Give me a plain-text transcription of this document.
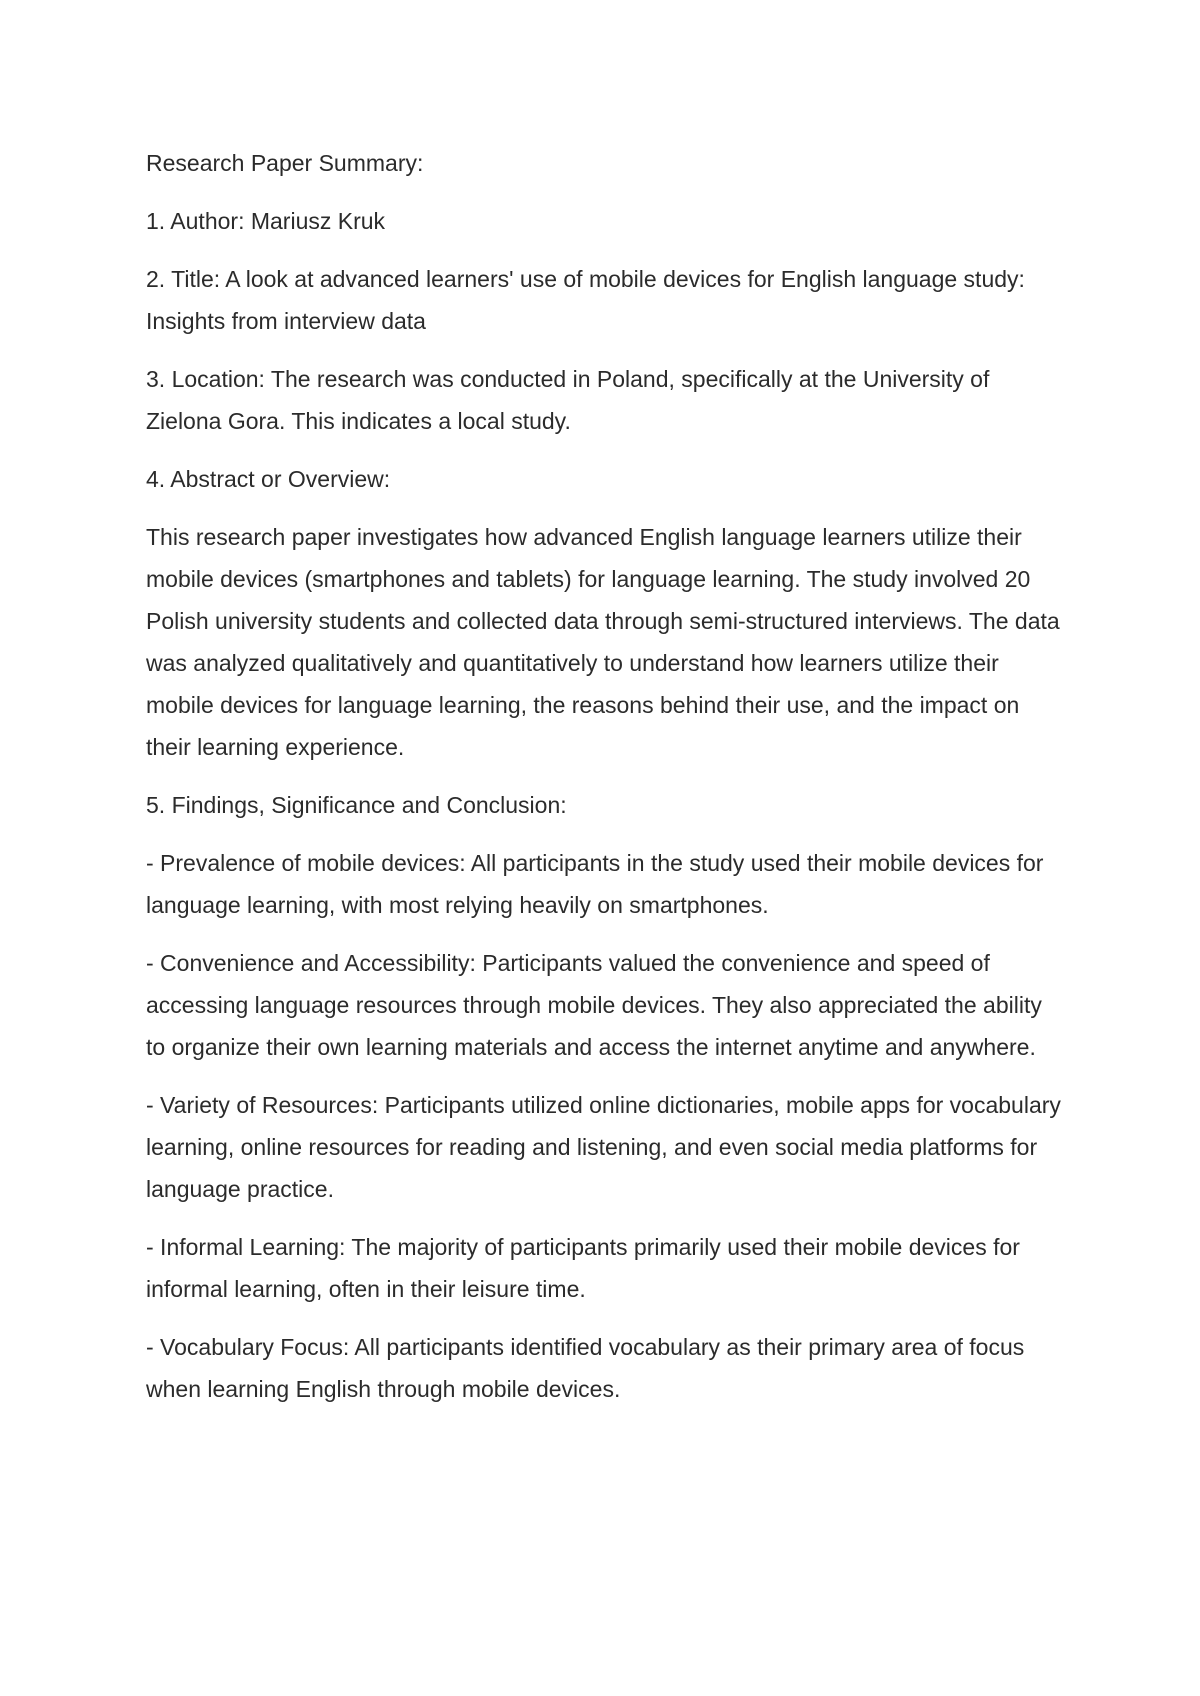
Research Paper Summary:

1. Author: Mariusz Kruk

2. Title: A look at advanced learners' use of mobile devices for English language study: Insights from interview data

3. Location: The research was conducted in Poland, specifically at the University of Zielona Gora. This indicates a local study.

4. Abstract or Overview:

This research paper investigates how advanced English language learners utilize their mobile devices (smartphones and tablets) for language learning. The study involved 20 Polish university students and collected data through semi-structured interviews. The data was analyzed qualitatively and quantitatively to understand how learners utilize their mobile devices for language learning, the reasons behind their use, and the impact on their learning experience.

5. Findings, Significance and Conclusion:

- Prevalence of mobile devices: All participants in the study used their mobile devices for language learning, with most relying heavily on smartphones.

- Convenience and Accessibility: Participants valued the convenience and speed of accessing language resources through mobile devices. They also appreciated the ability to organize their own learning materials and access the internet anytime and anywhere.

- Variety of Resources: Participants utilized online dictionaries, mobile apps for vocabulary learning, online resources for reading and listening, and even social media platforms for language practice.

- Informal Learning: The majority of participants primarily used their mobile devices for informal learning, often in their leisure time.

- Vocabulary Focus: All participants identified vocabulary as their primary area of focus when learning English through mobile devices.
